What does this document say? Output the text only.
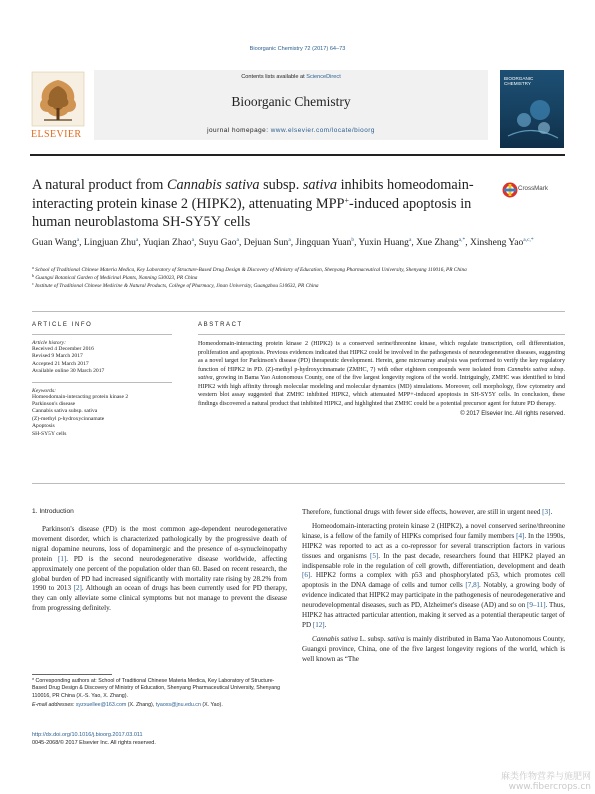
Bioorganic Chemistry 72 (2017) 64–73
ELSEVIER
Contents lists available at ScienceDirect
Bioorganic Chemistry
journal homepage: www.elsevier.com/locate/bioorg
BIOORGANIC CHEMISTRY
A natural product from Cannabis sativa subsp. sativa inhibits homeodomain-interacting protein kinase 2 (HIPK2), attenuating MPP+-induced apoptosis in human neuroblastoma SH-SY5Y cells
CrossMark
Guan Wang$^a$, Lingjuan Zhu$^a$, Yuqian Zhao$^a$, Suyu Gao$^a$, Dejuan Sun$^a$, Jingquan Yuan$^b$, Yuxin Huang$^a$, Xue Zhang$^{a,*}$, Xinsheng Yao$^{a,c,*}$
$^a$ School of Traditional Chinese Materia Medica, Key Laboratory of Structure-Based Drug Design & Discovery of Ministry of Education, Shenyang Pharmaceutical University, Shenyang 110016, PR China
$^b$ Guangxi Botanical Garden of Medicinal Plants, Nanning 530023, PR China
$^c$ Institute of Traditional Chinese Medicine & Natural Products, College of Pharmacy, Jinan University, Guangzhou 510632, PR China
ARTICLE INFO
Article history:
Received 4 December 2016
Revised 9 March 2017
Accepted 21 March 2017
Available online 30 March 2017
Keywords:
Homeodomain-interacting protein kinase 2
Parkinson's disease
Cannabis sativa subsp. sativa
(Z)-methyl p-hydroxycinnamate
Apoptosis
SH-SY5Y cells
ABSTRACT
Homeodomain-interacting protein kinase 2 (HIPK2) is a conserved serine/threonine kinase, which regulate transcription, cell differentiation, proliferation and apoptosis. Previous evidences indicated that HIPK2 could be involved in the pathogenesis of neurodegenerative diseases, suggesting as a novel target for Parkinson's disease (PD) therapeutic development. Herein, gene microarray analysis was performed to verify the key regulatory function of HIPK2 in PD. (Z)-methyl p-hydroxycinnamate (ZMHC, 7) with other eighteen compounds were isolated from Cannabis sativa subsp. sativa, growing in Bama Yao Autonomous County, one of the five largest longevity regions of the world. Intriguingly, ZMHC was identified to bind HIPK2 with high affinity through molecular modeling and molecular dynamics (MD) simulations. Moreover, cell morphology, flow cytometry and western blot assay suggested that ZMHC inhibited HIPK2, which attenuated MPP+-induced apoptosis in SH-SY5Y cells. In conclusion, these findings discovered a natural product that inhibited HIPK2, and highlighted that ZMHC could be a potential precursor agent for future PD therapy.
© 2017 Elsevier Inc. All rights reserved.
1. Introduction

Parkinson's disease (PD) is the most common age-dependent neurodegenerative movement disorder, which is characterized pathologically by the progressive death of nigral dopamine neurons, loss of dopaminergic and the presence of α-synucleinopathy protein [1]. PD is the second neurodegenerative disease worldwide, affecting approximately one percent of the population older than 60. Based on recent research, the global burden of PD had increased significantly with mortality rate rising by 28.2% from 1990 to 2013 [2]. Although an ocean of drugs has been currently used for PD therapy, they can only alleviate some clinical symptoms but not manage to prevent the disease from progressing definitely.

Therefore, functional drugs with fewer side effects, however, are still in urgent need [3].

Homeodomain-interacting protein kinase 2 (HIPK2), a novel conserved serine/threonine kinase, is a fellow of the family of HIPKs comprised four family members [4]. In the 1990s, HIPK2 was reported to act as a co-repressor for several transcription factors in various tissues and organisms [5]. In the past decade, researchers found that HIPK2 played an indispensable role in the regulation of cell growth, differentiation, development and death [6]. HIPK2 forms a complex with p53 and phosphorylated p53, which promotes cell apoptosis in the DNA damage of cells and tumor cells [7,8]. Notably, a growing body of evidence indicated that HIPK2 may participate in the pathogenesis of neurodegenerative and neurodevelopmental diseases, such as PD, Alzheimer's disease (AD) and so on [9–11]. Thus, HIPK2 has attracted particular attention, making it served as a potential therapeutic target of PD [12].

Cannabis sativa L. subsp. sativa is mainly distributed in Bama Yao Autonomous County, Guangxi province, China, one of the five largest longevity regions of the world, which is well known as “The

* Corresponding authors at: School of Traditional Chinese Materia Medica, Key Laboratory of Structure-Based Drug Design & Discovery of Ministry of Education, Shenyang Pharmaceutical University, Shenyang 110016, PR China (X.-S. Yao, X. Zhang).
E-mail addresses: syzxuellee@163.com (X. Zhang), tyaoxs@jnu.edu.cn (X. Yao).
http://dx.doi.org/10.1016/j.bioorg.2017.03.011
0045-2068/© 2017 Elsevier Inc. All rights reserved.
麻类作物营养与施肥网 www.fibercrops.cn
